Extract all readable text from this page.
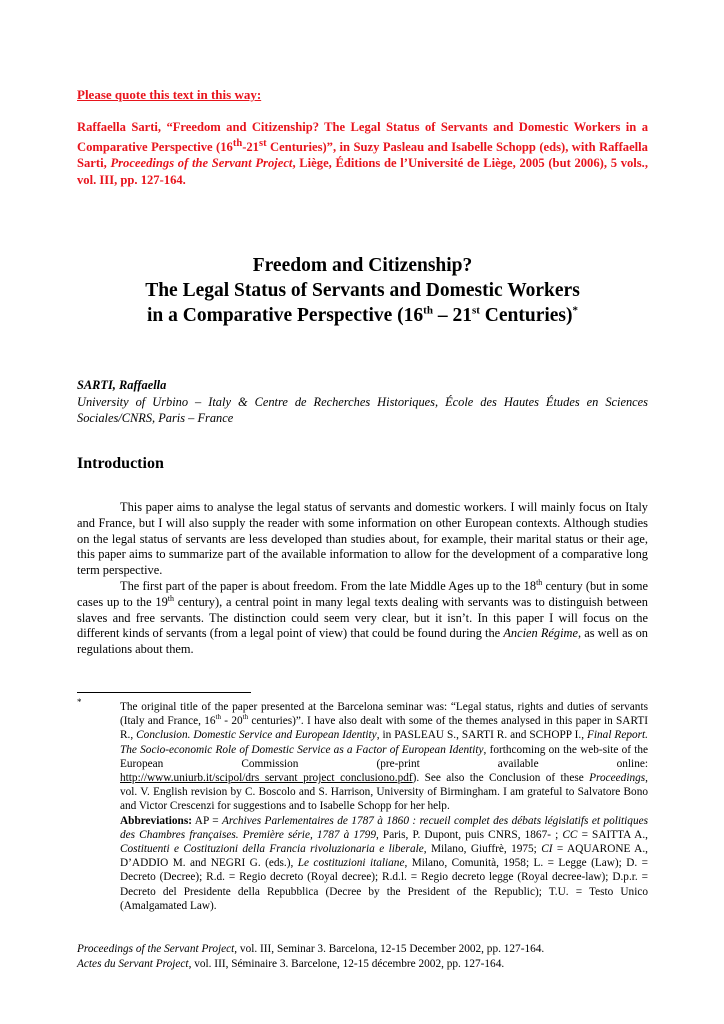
Please quote this text in this way:
Raffaella Sarti, “Freedom and Citizenship? The Legal Status of Servants and Domestic Workers in a Comparative Perspective (16th-21st Centuries)”, in Suzy Pasleau and Isabelle Schopp (eds), with Raffaella Sarti, Proceedings of the Servant Project, Liège, Éditions de l’Université de Liège, 2005 (but 2006), 5 vols., vol. III, pp. 127-164.
Freedom and Citizenship?
The Legal Status of Servants and Domestic Workers
in a Comparative Perspective (16th – 21st Centuries)*
SARTI, Raffaella
University of Urbino – Italy & Centre de Recherches Historiques, École des Hautes Études en Sciences Sociales/CNRS, Paris – France
Introduction

This paper aims to analyse the legal status of servants and domestic workers. I will mainly focus on Italy and France, but I will also supply the reader with some information on other European contexts. Although studies on the legal status of servants are less developed than studies about, for example, their marital status or their age, this paper aims to summarize part of the available information to allow for the development of a comparative long term perspective.

The first part of the paper is about freedom. From the late Middle Ages up to the 18th century (but in some cases up to the 19th century), a central point in many legal texts dealing with servants was to distinguish between slaves and free servants. The distinction could seem very clear, but it isn’t. In this paper I will focus on the different kinds of servants (from a legal point of view) that could be found during the Ancien Régime, as well as on regulations about them.

*	The original title of the paper presented at the Barcelona seminar was: “Legal status, rights and duties of servants (Italy and France, 16th - 20th centuries)”. I have also dealt with some of the themes analysed in this paper in SARTI R., Conclusion. Domestic Service and European Identity, in PASLEAU S., SARTI R. and SCHOPP I., Final Report. The Socio-economic Role of Domestic Service as a Factor of European Identity, forthcoming on the web-site of the European Commission (pre-print available online: http://www.uniurb.it/scipol/drs_servant_project_conclusiono.pdf). See also the Conclusion of these Proceedings, vol. V. English revision by C. Boscolo and S. Harrison, University of Birmingham. I am grateful to Salvatore Bono and Victor Crescenzi for suggestions and to Isabelle Schopp for her help.

Abbreviations: AP = Archives Parlementaires de 1787 à 1860 : recueil complet des débats législatifs et politiques des Chambres françaises. Première série, 1787 à 1799, Paris, P. Dupont, puis CNRS, 1867- ; CC = SAITTA A., Costituenti e Costituzioni della Francia rivoluzionaria e liberale, Milano, Giuffrè, 1975; CI = AQUARONE A., D’ADDIO M. and NEGRI G. (eds.), Le costituzioni italiane, Milano, Comunità, 1958; L. = Legge (Law); D. = Decreto (Decree); R.d. = Regio decreto (Royal decree); R.d.l. = Regio decreto legge (Royal decree-law); D.p.r. = Decreto del Presidente della Repubblica (Decree by the President of the Republic); T.U. = Testo Unico (Amalgamated Law).

Proceedings of the Servant Project, vol. III, Seminar 3. Barcelona, 12-15 December 2002, pp. 127-164.
Actes du Servant Project, vol. III, Séminaire 3. Barcelone, 12-15 décembre 2002, pp. 127-164.
